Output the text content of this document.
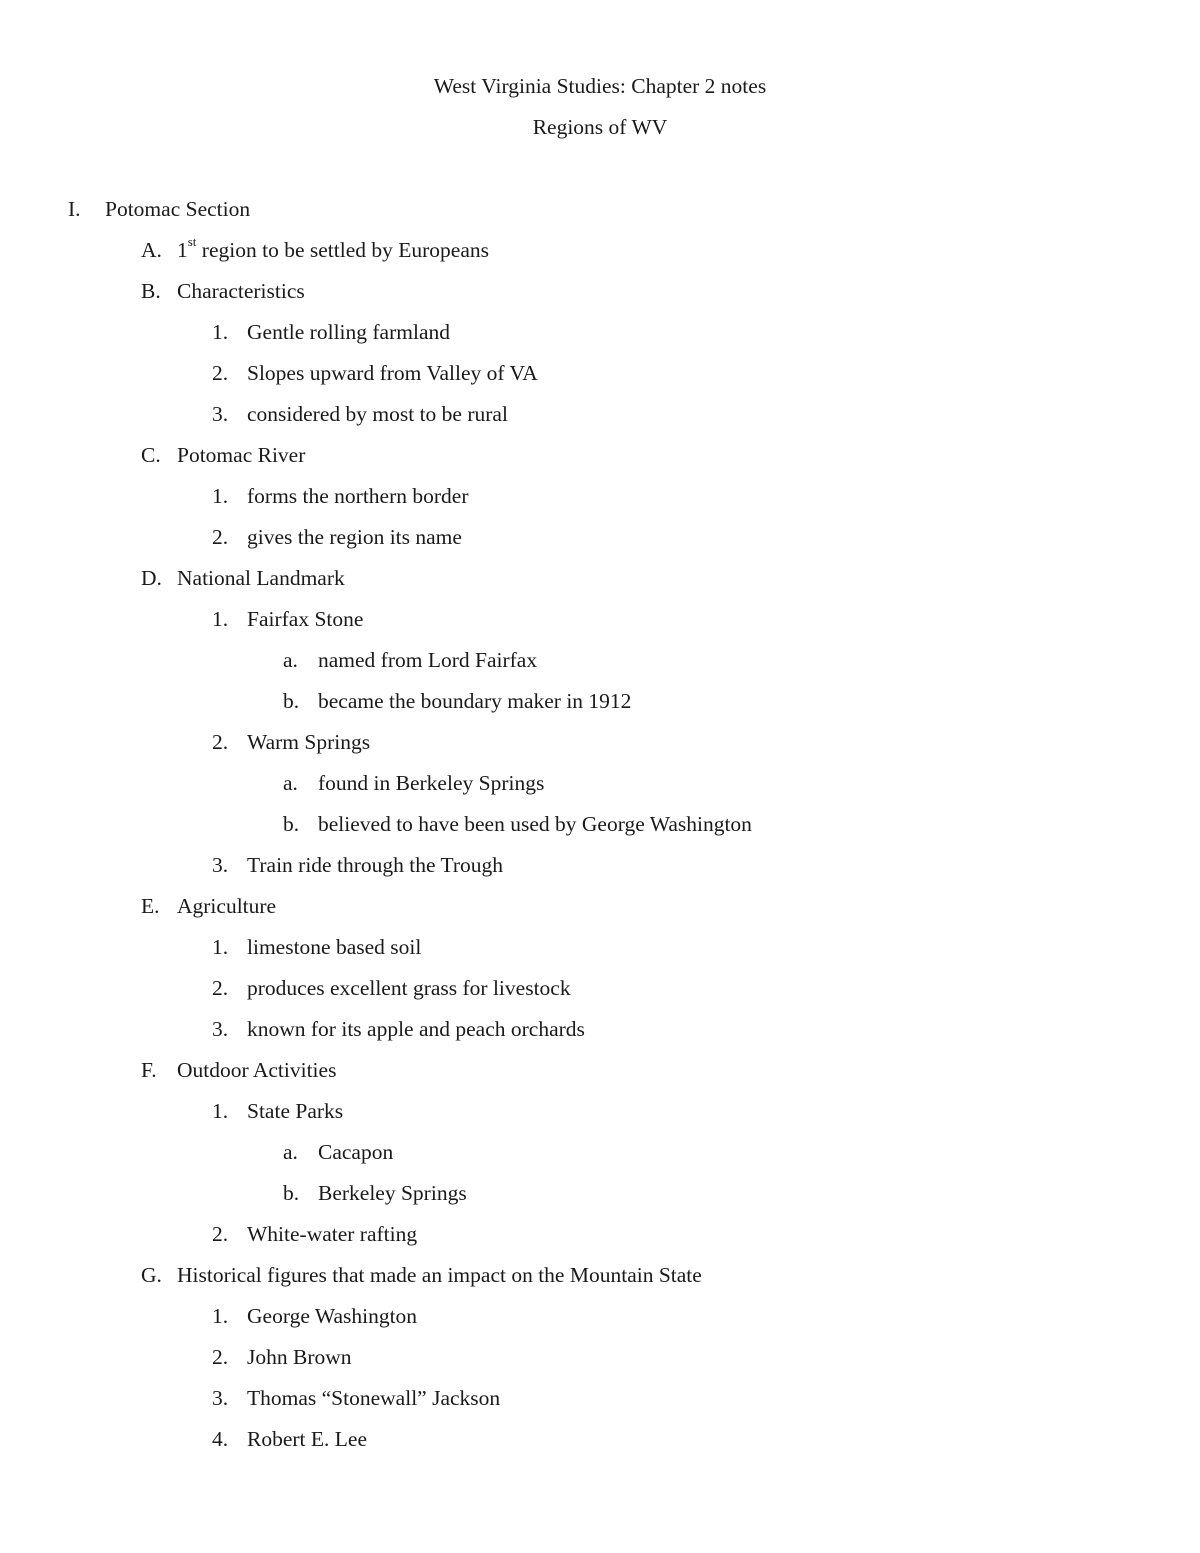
West Virginia Studies: Chapter 2 notes
Regions of WV
I. Potomac Section
A. 1st region to be settled by Europeans
B. Characteristics
1. Gentle rolling farmland
2. Slopes upward from Valley of VA
3. considered by most to be rural
C. Potomac River
1. forms the northern border
2. gives the region its name
D. National Landmark
1. Fairfax Stone
a. named from Lord Fairfax
b. became the boundary maker in 1912
2. Warm Springs
a. found in Berkeley Springs
b. believed to have been used by George Washington
3. Train ride through the Trough
E. Agriculture
1. limestone based soil
2. produces excellent grass for livestock
3. known for its apple and peach orchards
F. Outdoor Activities
1. State Parks
a. Cacapon
b. Berkeley Springs
2. White-water rafting
G. Historical figures that made an impact on the Mountain State
1. George Washington
2. John Brown
3. Thomas “Stonewall” Jackson
4. Robert E. Lee
